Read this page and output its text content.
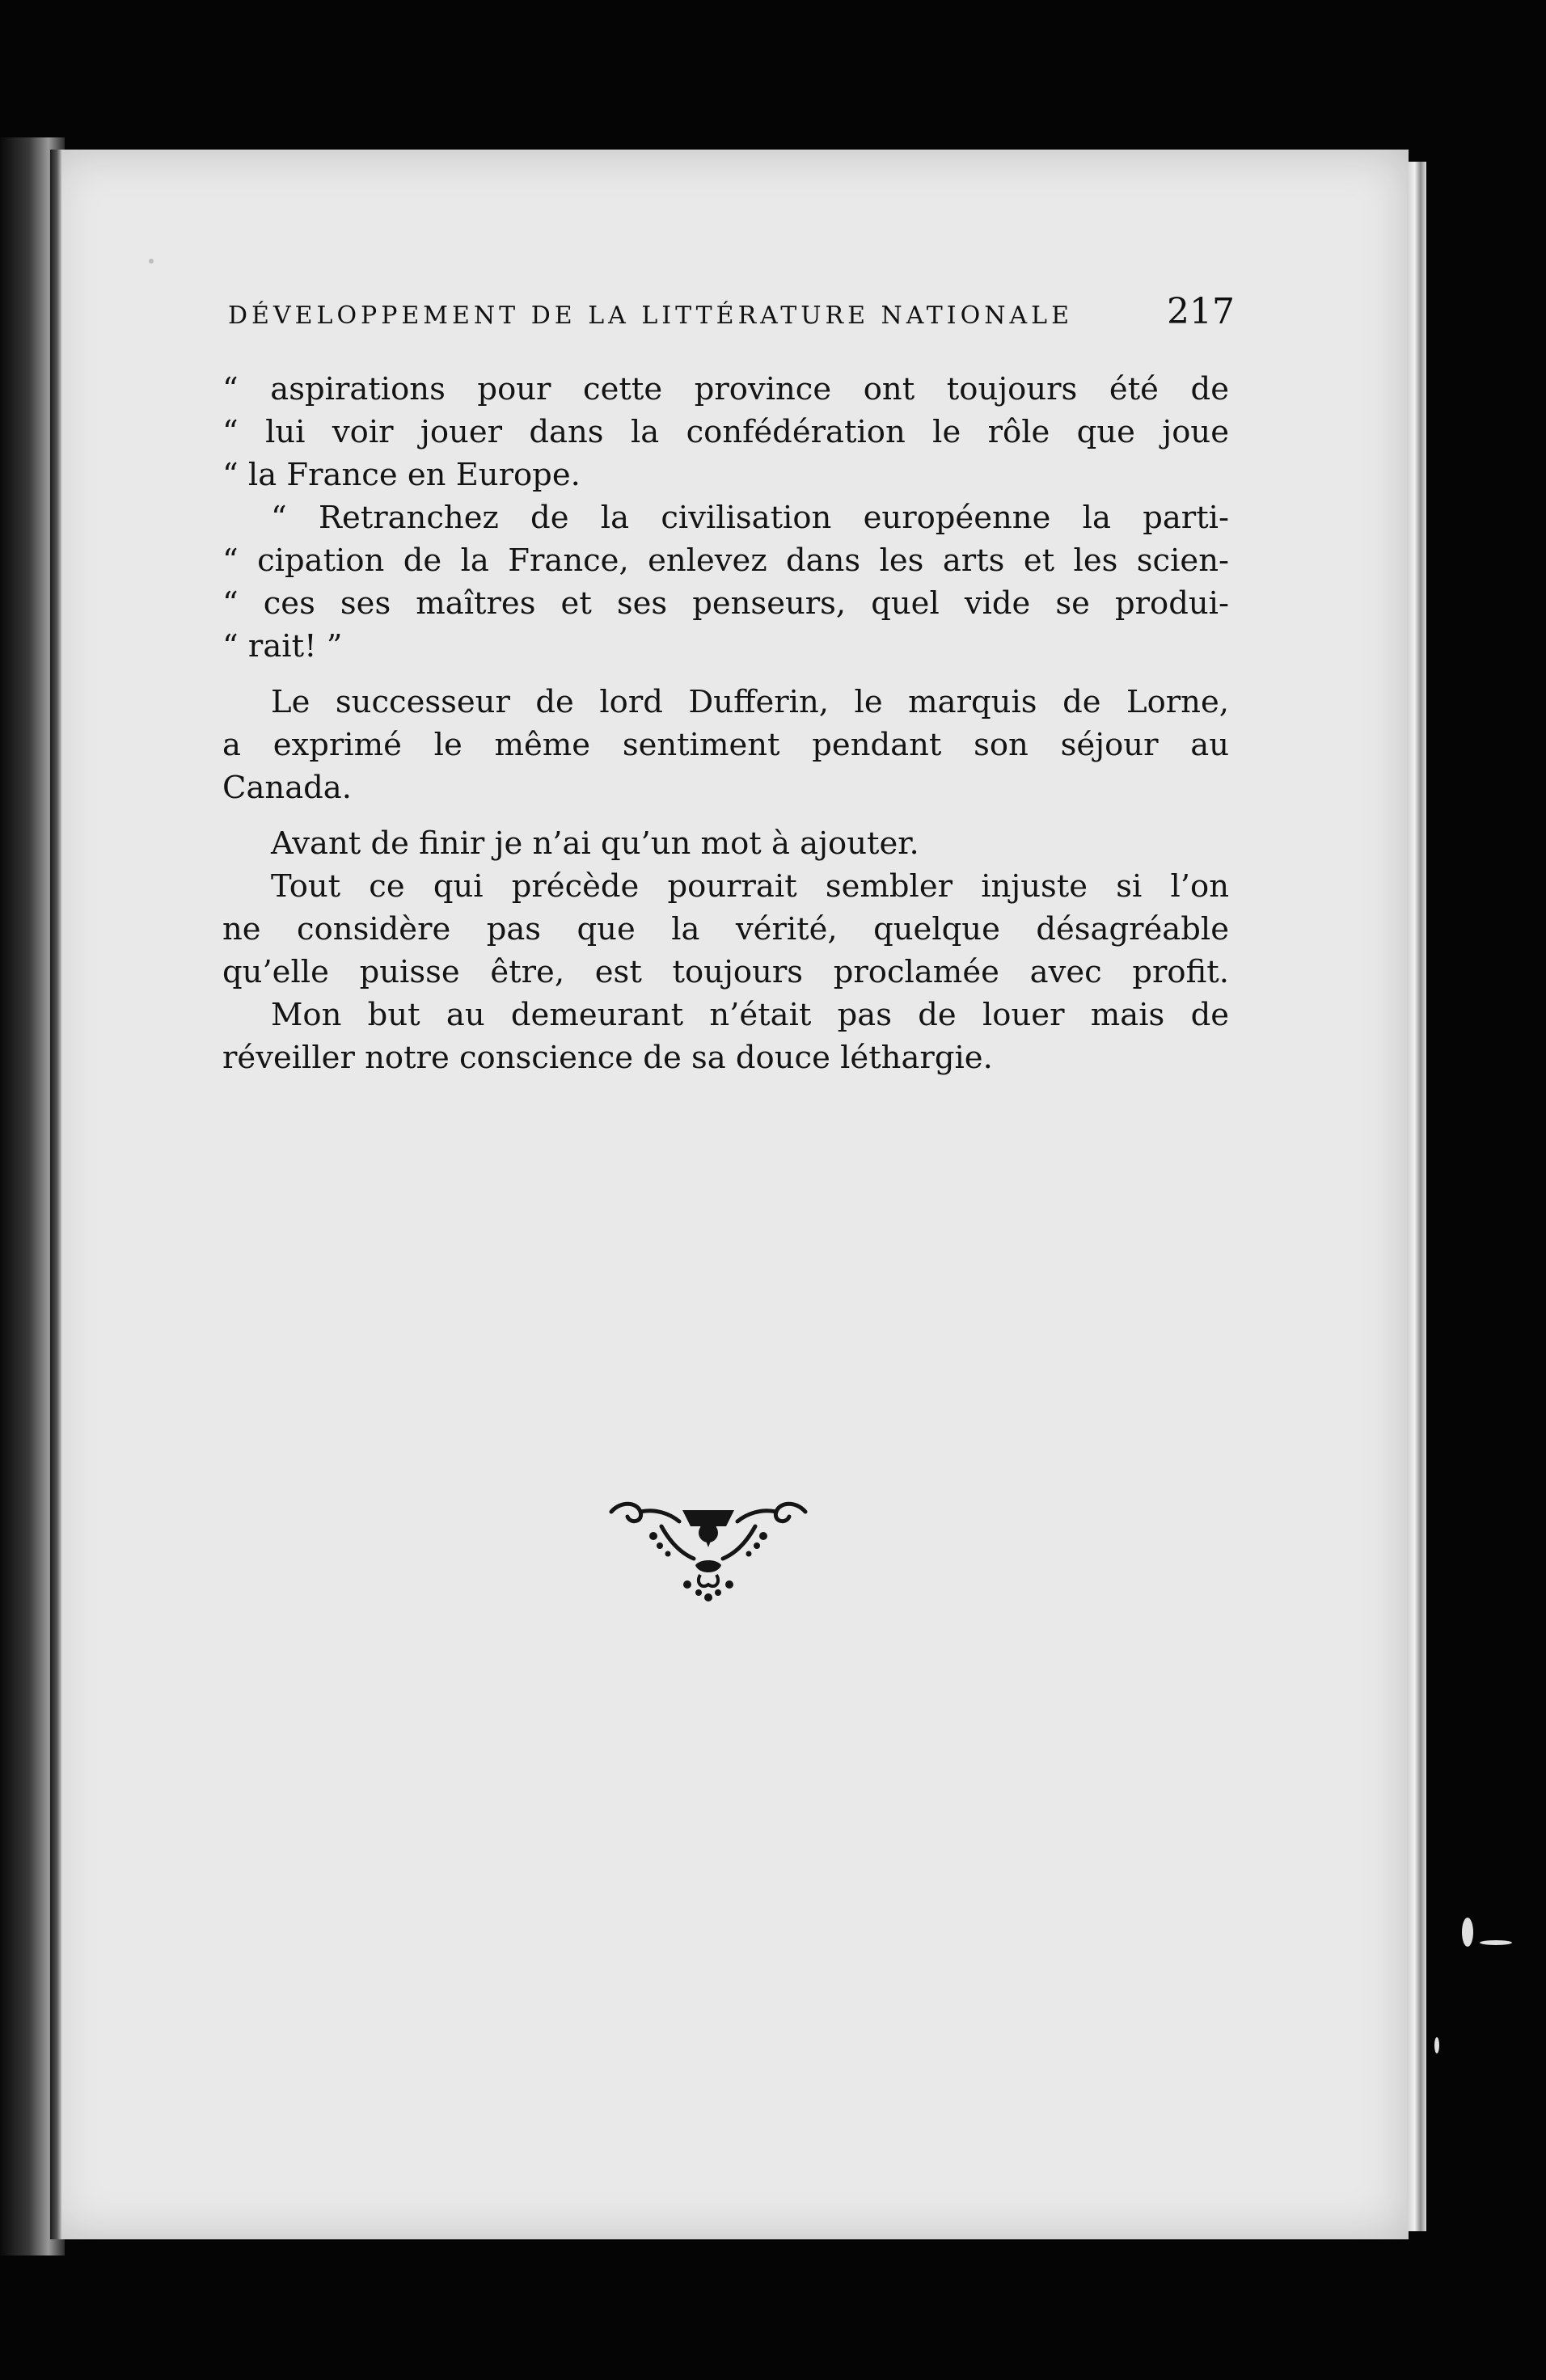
DÉVELOPPEMENT DE LA LITTÉRATURE NATIONALE	217
“ aspirations pour cette province ont toujours été de
“ lui voir jouer dans la confédération le rôle que joue
“ la France en Europe.
“ Retranchez de la civilisation européenne la parti-
“ cipation de la France, enlevez dans les arts et les scien-
“ ces ses maîtres et ses penseurs, quel vide se produi-
“ rait! ”
Le successeur de lord Dufferin, le marquis de Lorne,
a exprimé le même sentiment pendant son séjour au
Canada.
Avant de finir je n’ai qu’un mot à ajouter.
Tout ce qui précède pourrait sembler injuste si l’on
ne considère pas que la vérité, quelque désagréable
qu’elle puisse être, est toujours proclamée avec profit.
Mon but au demeurant n’était pas de louer mais de
réveiller notre conscience de sa douce léthargie.
